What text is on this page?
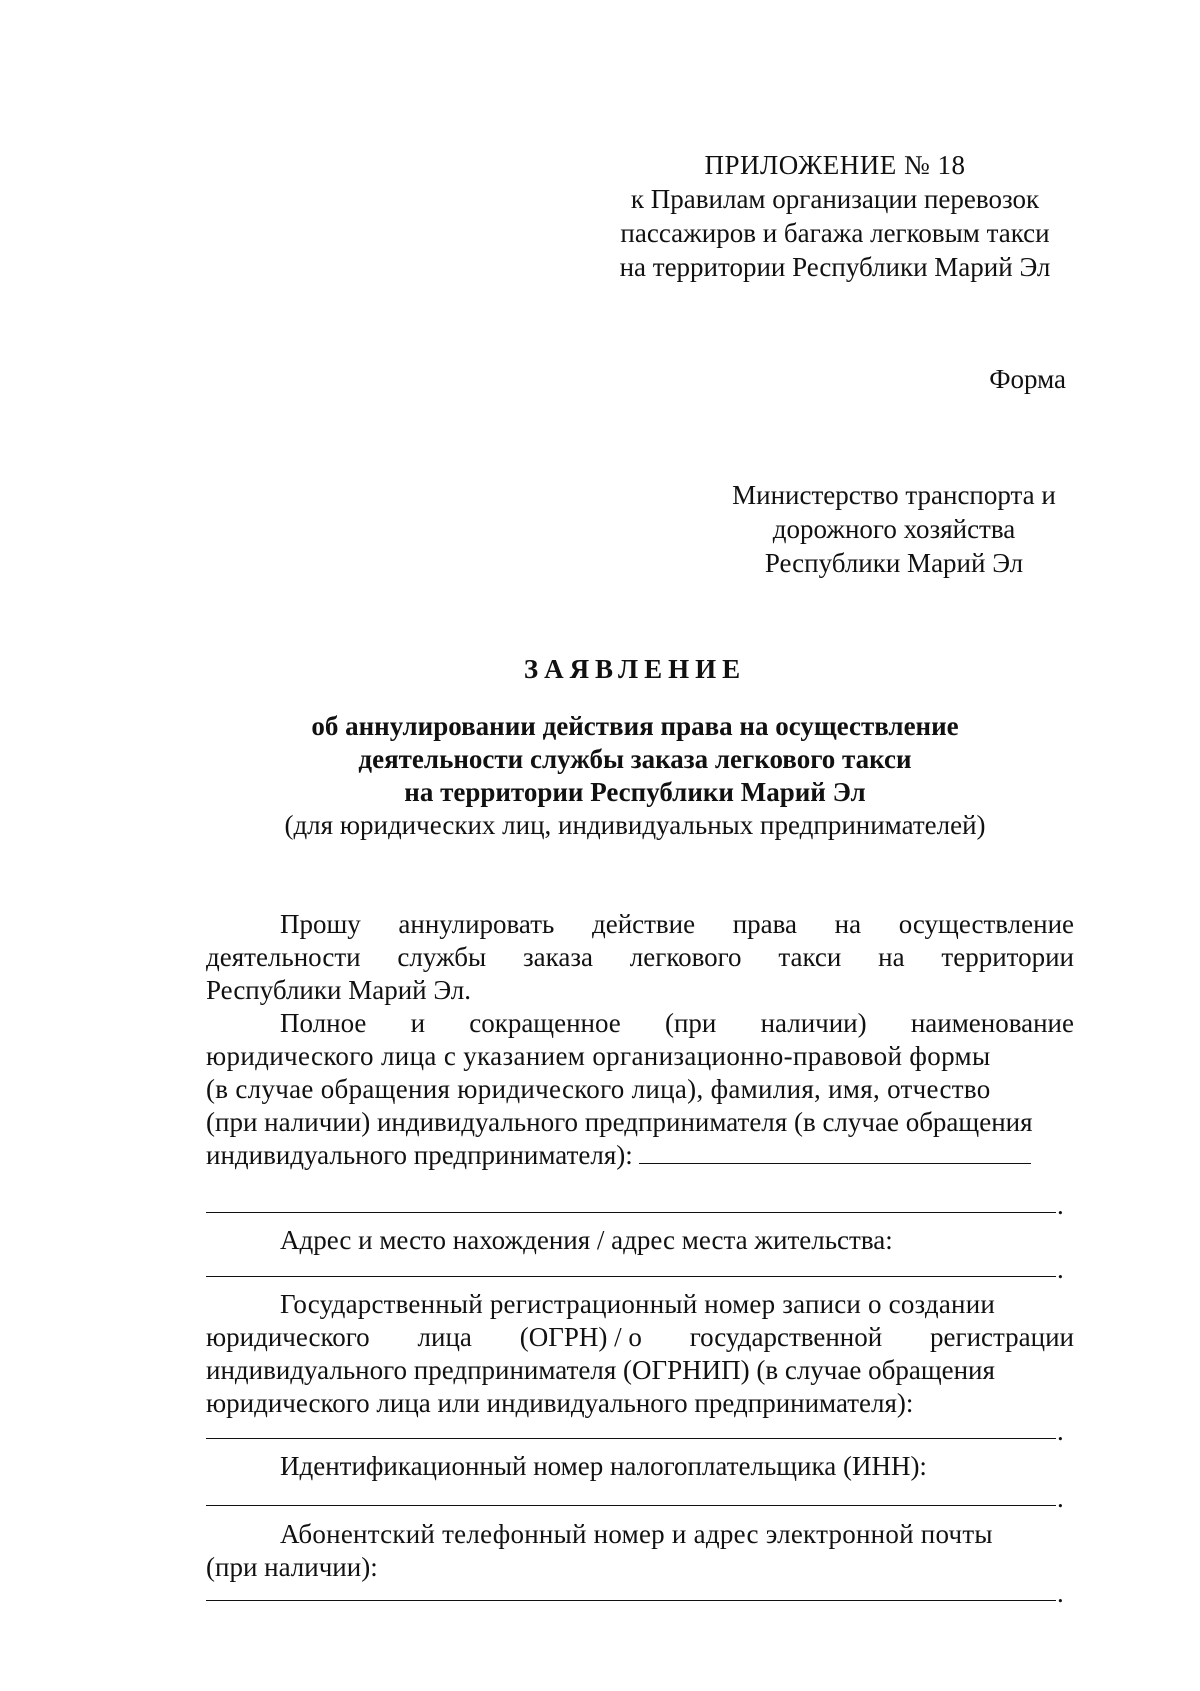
ПРИЛОЖЕНИЕ № 18
к Правилам организации перевозок
пассажиров и багажа легковым такси
на территории Республики Марий Эл
Форма
Министерство транспорта и
дорожного хозяйства
Республики Марий Эл
ЗАЯВЛЕНИЕ
об аннулировании действия права на осуществление
деятельности службы заказа легкового такси
на территории Республики Марий Эл
(для юридических лиц, индивидуальных предпринимателей)
Прошу аннулировать действие права на осуществление
деятельности службы заказа легкового такси на территории
Республики Марий Эл.
Полное и сокращенное (при наличии) наименование
юридического лица с указанием организационно-правовой формы
(в случае обращения юридического лица), фамилия, имя, отчество
(при наличии) индивидуального предпринимателя (в случае обращения
индивидуального предпринимателя):
.
Адрес и место нахождения / адрес места жительства:
.
Государственный регистрационный номер записи о создании
юридического лица (ОГРН) / о государственной регистрации
индивидуального предпринимателя (ОГРНИП) (в случае обращения
юридического лица или индивидуального предпринимателя):
.
Идентификационный номер налогоплательщика (ИНН):
.
Абонентский телефонный номер и адрес электронной почты
(при наличии):
.
